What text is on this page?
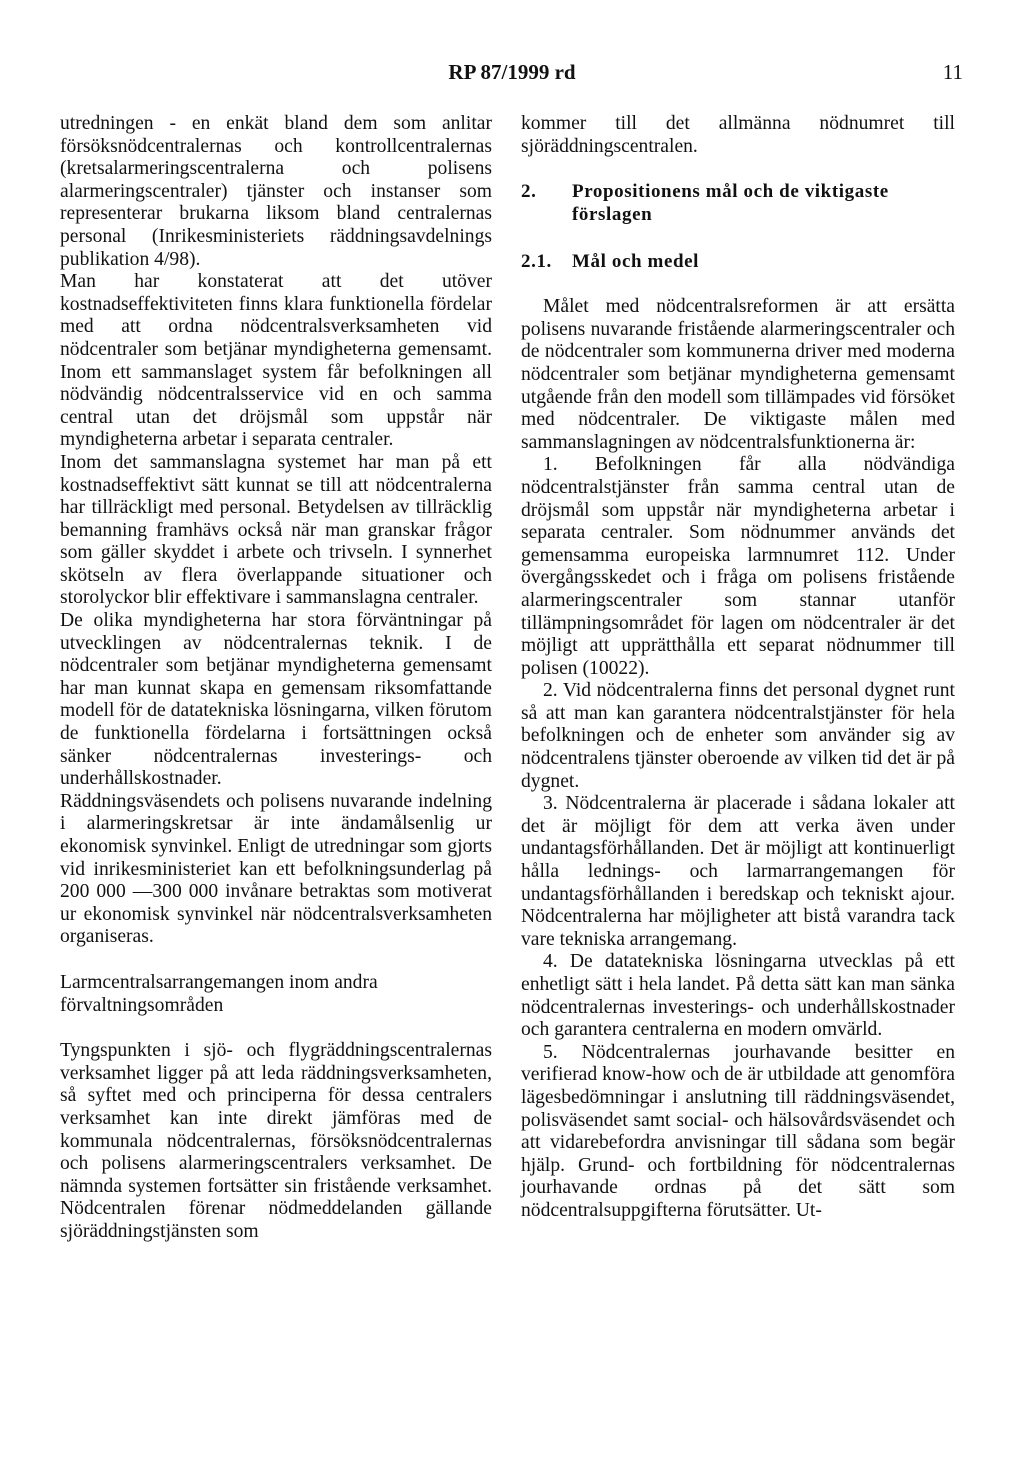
RP 87/1999 rd	11

utredningen - en enkät bland dem som anlitar försöksnödcentralernas och kontrollcentralernas (kretsalarmeringscentralerna och polisens alarmeringscentraler) tjänster och instanser som representerar brukarna liksom bland centralernas personal (Inrikesministeriets räddningsavdelnings publikation 4/98).

Man har konstaterat att det utöver kostnadseffektiviteten finns klara funktionella fördelar med att ordna nödcentralsverksamheten vid nödcentraler som betjänar myndigheterna gemensamt. Inom ett sammanslaget system får befolkningen all nödvändig nödcentralsservice vid en och samma central utan det dröjsmål som uppstår när myndigheterna arbetar i separata centraler.

Inom det sammanslagna systemet har man på ett kostnadseffektivt sätt kunnat se till att nödcentralerna har tillräckligt med personal. Betydelsen av tillräcklig bemanning framhävs också när man granskar frågor som gäller skyddet i arbete och trivseln. I synnerhet skötseln av flera överlappande situationer och storolyckor blir effektivare i sammanslagna centraler.

De olika myndigheterna har stora förväntningar på utvecklingen av nödcentralernas teknik. I de nödcentraler som betjänar myndigheterna gemensamt har man kunnat skapa en gemensam riksomfattande modell för de datatekniska lösningarna, vilken förutom de funktionella fördelarna i fortsättningen också sänker nödcentralernas investerings- och underhållskostnader.

Räddningsväsendets och polisens nuvarande indelning i alarmeringskretsar är inte ändamålsenlig ur ekonomisk synvinkel. Enligt de utredningar som gjorts vid inrikesministeriet kan ett befolkningsunderlag på 200 000 —300 000 invånare betraktas som motiverat ur ekonomisk synvinkel när nödcentralsverksamheten organiseras.

Larmcentralsarrangemangen inom andra förvaltningsområden

Tyngspunkten i sjö- och flygräddningscentralernas verksamhet ligger på att leda räddningsverksamheten, så syftet med och principerna för dessa centralers verksamhet kan inte direkt jämföras med de kommunala nödcentralernas, försöksnödcentralernas och polisens alarmeringscentralers verksamhet. De nämnda systemen fortsätter sin fristående verksamhet. Nödcentralen förenar nödmeddelanden gällande sjöräddningstjänsten som

kommer till det allmänna nödnumret till sjöräddningscentralen.

2.	Propositionens mål och de viktigaste förslagen
2.1.	Mål och medel

Målet med nödcentralsreformen är att ersätta polisens nuvarande fristående alarmeringscentraler och de nödcentraler som kommunerna driver med moderna nödcentraler som betjänar myndigheterna gemensamt utgående från den modell som tillämpades vid försöket med nödcentraler. De viktigaste målen med sammanslagningen av nödcentralsfunktionerna är:

1. Befolkningen får alla nödvändiga nödcentralstjänster från samma central utan de dröjsmål som uppstår när myndigheterna arbetar i separata centraler. Som nödnummer används det gemensamma europeiska larmnumret 112. Under övergångsskedet och i fråga om polisens fristående alarmeringscentraler som stannar utanför tillämpningsområdet för lagen om nödcentraler är det möjligt att upprätthålla ett separat nödnummer till polisen (10022).

2. Vid nödcentralerna finns det personal dygnet runt så att man kan garantera nödcentralstjänster för hela befolkningen och de enheter som använder sig av nödcentralens tjänster oberoende av vilken tid det är på dygnet.

3. Nödcentralerna är placerade i sådana lokaler att det är möjligt för dem att verka även under undantagsförhållanden. Det är möjligt att kontinuerligt hålla lednings- och larmarrangemangen för undantagsförhållanden i beredskap och tekniskt ajour. Nödcentralerna har möjligheter att bistå varandra tack vare tekniska arrangemang.

4. De datatekniska lösningarna utvecklas på ett enhetligt sätt i hela landet. På detta sätt kan man sänka nödcentralernas investerings- och underhållskostnader och garantera centralerna en modern omvärld.

5. Nödcentralernas jourhavande besitter en verifierad know-how och de är utbildade att genomföra lägesbedömningar i anslutning till räddningsväsendet, polisväsendet samt social- och hälsovårdsväsendet och att vidarebefordra anvisningar till sådana som begär hjälp. Grund- och fortbildning för nödcentralernas jourhavande ordnas på det sätt som nödcentralsuppgifterna förutsätter. Ut-
